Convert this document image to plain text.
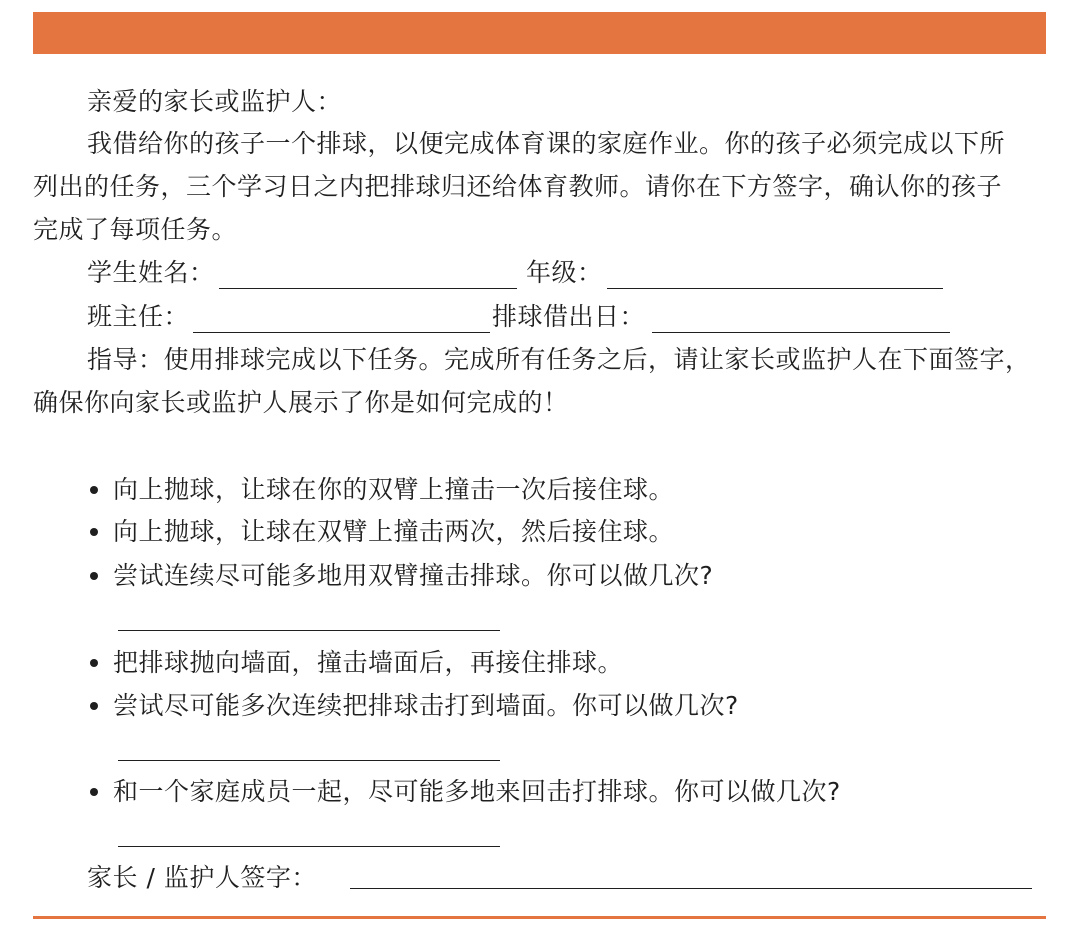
亲爱的家长或监护人：
我借给你的孩子一个排球，以便完成体育课的家庭作业。你的孩子必须完成以下所
列出的任务，三个学习日之内把排球归还给体育教师。请你在下方签字，确认你的孩子
完成了每项任务。
学生姓名：	年级：
班主任：	排球借出日：
指导：使用排球完成以下任务。完成所有任务之后，请让家长或监护人在下面签字，
确保你向家长或监护人展示了你是如何完成的！
向上抛球，让球在你的双臂上撞击一次后接住球。
向上抛球，让球在双臂上撞击两次，然后接住球。
尝试连续尽可能多地用双臂撞击排球。你可以做几次?
把排球抛向墙面，撞击墙面后，再接住排球。
尝试尽可能多次连续把排球击打到墙面。你可以做几次?
和一个家庭成员一起，尽可能多地来回击打排球。你可以做几次?
家长 / 监护人签字：
